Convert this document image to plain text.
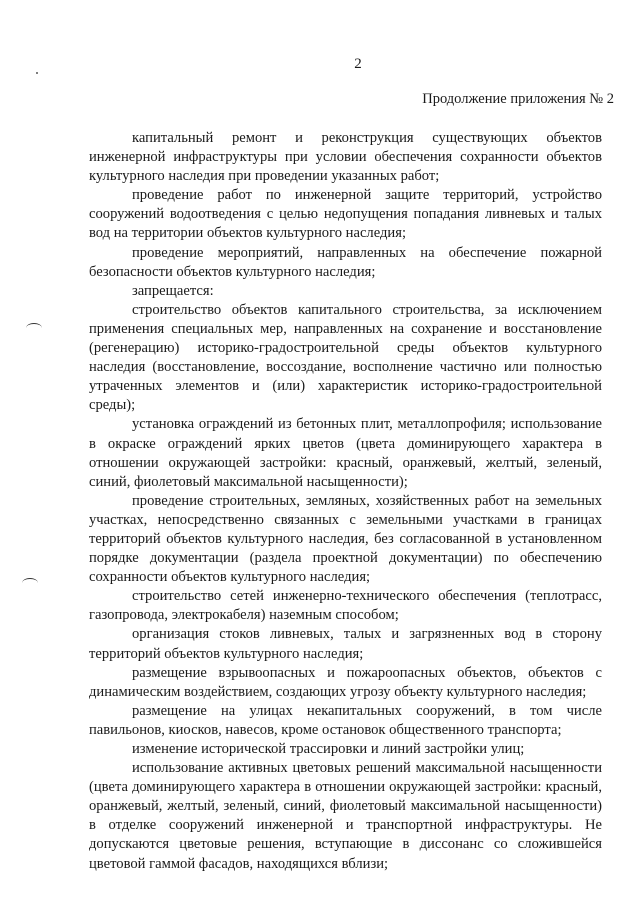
2
Продолжение приложения № 2

капитальный ремонт и реконструкция существующих объектов инженерной инфраструктуры при условии обеспечения сохранности объектов культурного наследия при проведении указанных работ;

проведение работ по инженерной защите территорий, устройство сооружений водоотведения с целью недопущения попадания ливневых и талых вод на территории объектов культурного наследия;

проведение мероприятий, направленных на обеспечение пожарной безопасности объектов культурного наследия;

запрещается:

строительство объектов капитального строительства, за исключением применения специальных мер, направленных на сохранение и восстановление (регенерацию) историко-градостроительной среды объектов культурного наследия (восстановление, воссоздание, восполнение частично или полностью утраченных элементов и (или) характеристик историко-градостроительной среды);

установка ограждений из бетонных плит, металлопрофиля; использование в окраске ограждений ярких цветов (цвета доминирующего характера в отношении окружающей застройки: красный, оранжевый, желтый, зеленый, синий, фиолетовый максимальной насыщенности);

проведение строительных, земляных, хозяйственных работ на земельных участках, непосредственно связанных с земельными участками в границах территорий объектов культурного наследия, без согласованной в установленном порядке документации (раздела проектной документации) по обеспечению сохранности объектов культурного наследия;

строительство сетей инженерно-технического обеспечения (теплотрасс, газопровода, электрокабеля) наземным способом;

организация стоков ливневых, талых и загрязненных вод в сторону территорий объектов культурного наследия;

размещение взрывоопасных и пожароопасных объектов, объектов с динамическим воздействием, создающих угрозу объекту культурного наследия;

размещение на улицах некапитальных сооружений, в том числе павильонов, киосков, навесов, кроме остановок общественного транспорта;

изменение исторической трассировки и линий застройки улиц;

использование активных цветовых решений максимальной насыщенности (цвета доминирующего характера в отношении окружающей застройки: красный, оранжевый, желтый, зеленый, синий, фиолетовый максимальной насыщенности) в отделке сооружений инженерной и транспортной инфраструктуры. Не допускаются цветовые решения, вступающие в диссонанс со сложившейся цветовой гаммой фасадов, находящихся вблизи;
